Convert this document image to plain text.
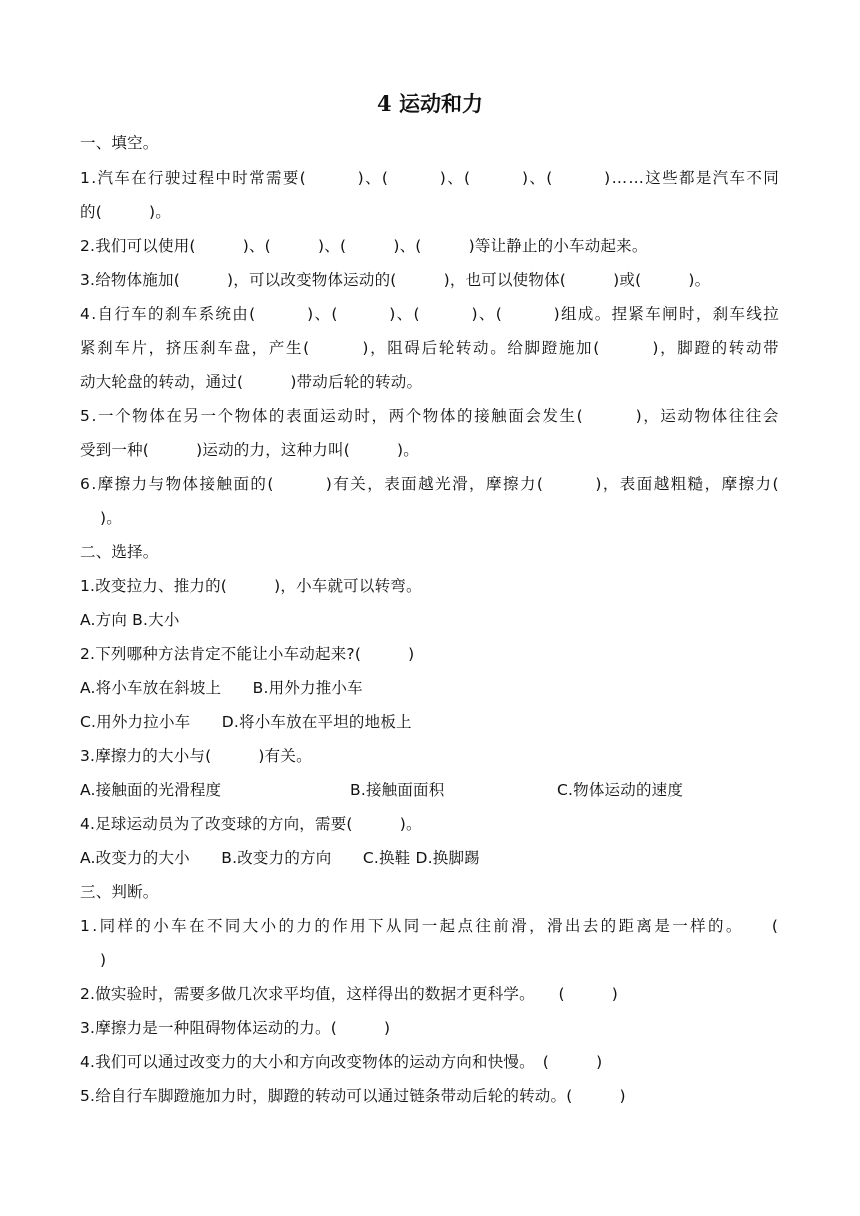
4 运动和力
一、填空。
1.汽车在行驶过程中时常需要(　　　)、(　　　)、(　　　)、(　　　)……这些都是汽车不同
的(　　　)。
2.我们可以使用(　　　)、(　　　)、(　　　)、(　　　)等让静止的小车动起来。
3.给物体施加(　　　)，可以改变物体运动的(　　　)，也可以使物体(　　　)或(　　　)。
4.自行车的刹车系统由(　　　)、(　　　)、(　　　)、(　　　)组成。捏紧车闸时，刹车线拉
紧刹车片，挤压刹车盘，产生(　　　)，阻碍后轮转动。给脚蹬施加(　　　)，脚蹬的转动带
动大轮盘的转动，通过(　　　)带动后轮的转动。
5.一个物体在另一个物体的表面运动时，两个物体的接触面会发生(　　　)，运动物体往往会
受到一种(　　　)运动的力，这种力叫(　　　)。
6.摩擦力与物体接触面的(　　　)有关，表面越光滑，摩擦力(　　　)，表面越粗糙，摩擦力(
)。
二、选择。
1.改变拉力、推力的(　　　)，小车就可以转弯。
A.方向 B.大小
2.下列哪种方法肯定不能让小车动起来?(　　　)
A.将小车放在斜坡上　　B.用外力推小车
C.用外力拉小车　　D.将小车放在平坦的地板上
3.摩擦力的大小与(　　　)有关。
A.接触面的光滑程度	B.接触面面积	C.物体运动的速度
4.足球运动员为了改变球的方向，需要(　　　)。
A.改变力的大小　　B.改变力的方向　　C.换鞋 D.换脚踢
三、判断。
1.同样的小车在不同大小的力的作用下从同一起点往前滑，滑出去的距离是一样的。　　(
)
2.做实验时，需要多做几次求平均值，这样得出的数据才更科学。　　(　　　)
3.摩擦力是一种阻碍物体运动的力。(　　　)
4.我们可以通过改变力的大小和方向改变物体的运动方向和快慢。　(　　　)
5.给自行车脚蹬施加力时，脚蹬的转动可以通过链条带动后轮的转动。(　　　)
